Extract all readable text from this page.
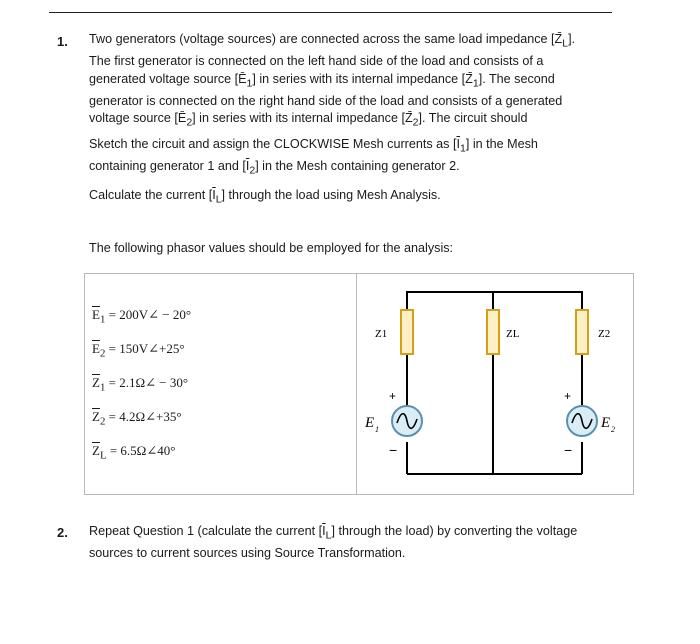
1. Two generators (voltage sources) are connected across the same load impedance $[Z̄_L]$.
The first generator is connected on the left hand side of the load and consists of a
generated voltage source $[Ē_1]$ in series with its internal impedance $[Z̄_1]$. The second
generator is connected on the right hand side of the load and consists of a generated
voltage source $[Ē_2]$ in series with its internal impedance $[Z̄_2]$. The circuit should
Sketch the circuit and assign the CLOCKWISE Mesh currents as $[\overline{I}_1]$ in the Mesh
containing generator 1 and $[\overline{I}_2]$ in the Mesh containing generator 2.
Calculate the current $[\overline{I}_L]$ through the load using Mesh Analysis.
The following phasor values should be employed for the analysis:
$\overline{E}_1$ = 200V∠ − 20°
$\overline{E}_2$ = 150V∠+25°
$\overline{Z}_1$ = 2.1Ω∠ − 30°
$\overline{Z}_2$ = 4.2Ω∠+35°
$\overline{Z}_L$ = 6.5Ω∠40°
Z1	ZL	Z2
+
−
+
−
E 1	E 2
2. Repeat Question 1 (calculate the current $[\overline{I}_L]$ through the load) by converting the voltage
sources to current sources using Source Transformation.
